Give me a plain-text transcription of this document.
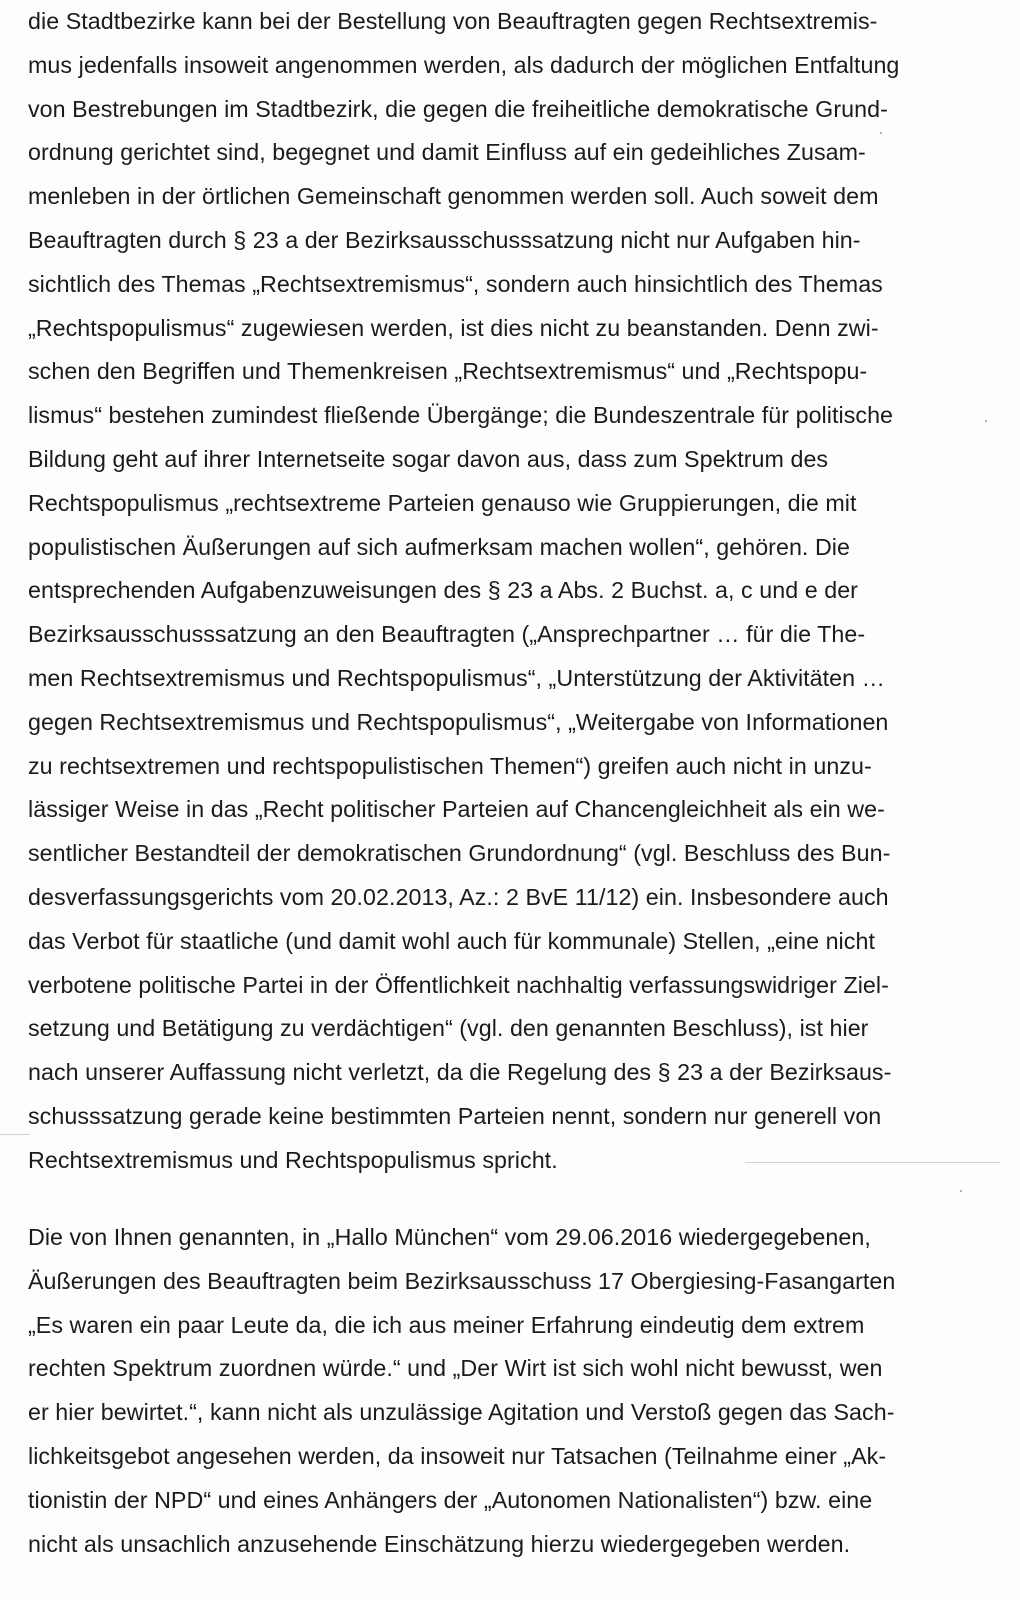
die Stadtbezirke kann bei der Bestellung von Beauftragten gegen Rechtsextremis-
mus jedenfalls insoweit angenommen werden, als dadurch der möglichen Entfaltung
von Bestrebungen im Stadtbezirk, die gegen die freiheitliche demokratische Grund-
ordnung gerichtet sind, begegnet und damit Einfluss auf ein gedeihliches Zusam-
menleben in der örtlichen Gemeinschaft genommen werden soll. Auch soweit dem
Beauftragten durch § 23 a der Bezirksausschusssatzung nicht nur Aufgaben hin-
sichtlich des Themas „Rechtsextremismus“, sondern auch hinsichtlich des Themas
„Rechtspopulismus“ zugewiesen werden, ist dies nicht zu beanstanden. Denn zwi-
schen den Begriffen und Themenkreisen „Rechtsextremismus“ und „Rechtspopu-
lismus“ bestehen zumindest fließende Übergänge; die Bundeszentrale für politische
Bildung geht auf ihrer Internetseite sogar davon aus, dass zum Spektrum des
Rechtspopulismus „rechtsextreme Parteien genauso wie Gruppierungen, die mit
populistischen Äußerungen auf sich aufmerksam machen wollen“, gehören. Die
entsprechenden Aufgabenzuweisungen des § 23 a Abs. 2 Buchst. a, c und e der
Bezirksausschusssatzung an den Beauftragten („Ansprechpartner … für die The-
men Rechtsextremismus und Rechtspopulismus“, „Unterstützung der Aktivitäten …
gegen Rechtsextremismus und Rechtspopulismus“, „Weitergabe von Informationen
zu rechtsextremen und rechtspopulistischen Themen“) greifen auch nicht in unzu-
lässiger Weise in das „Recht politischer Parteien auf Chancengleichheit als ein we-
sentlicher Bestandteil der demokratischen Grundordnung“ (vgl. Beschluss des Bun-
desverfassungsgerichts vom 20.02.2013, Az.: 2 BvE 11/12) ein. Insbesondere auch
das Verbot für staatliche (und damit wohl auch für kommunale) Stellen, „eine nicht
verbotene politische Partei in der Öffentlichkeit nachhaltig verfassungswidriger Ziel-
setzung und Betätigung zu verdächtigen“ (vgl. den genannten Beschluss), ist hier
nach unserer Auffassung nicht verletzt, da die Regelung des § 23 a der Bezirksaus-
schusssatzung gerade keine bestimmten Parteien nennt, sondern nur generell von
Rechtsextremismus und Rechtspopulismus spricht.
Die von Ihnen genannten, in „Hallo München“ vom 29.06.2016 wiedergegebenen,
Äußerungen des Beauftragten beim Bezirksausschuss 17 Obergiesing-Fasangarten
„Es waren ein paar Leute da, die ich aus meiner Erfahrung eindeutig dem extrem
rechten Spektrum zuordnen würde.“ und „Der Wirt ist sich wohl nicht bewusst, wen
er hier bewirtet.“, kann nicht als unzulässige Agitation und Verstoß gegen das Sach-
lichkeitsgebot angesehen werden, da insoweit nur Tatsachen (Teilnahme einer „Ak-
tionistin der NPD“ und eines Anhängers der „Autonomen Nationalisten“) bzw. eine
nicht als unsachlich anzusehende Einschätzung hierzu wiedergegeben werden.
